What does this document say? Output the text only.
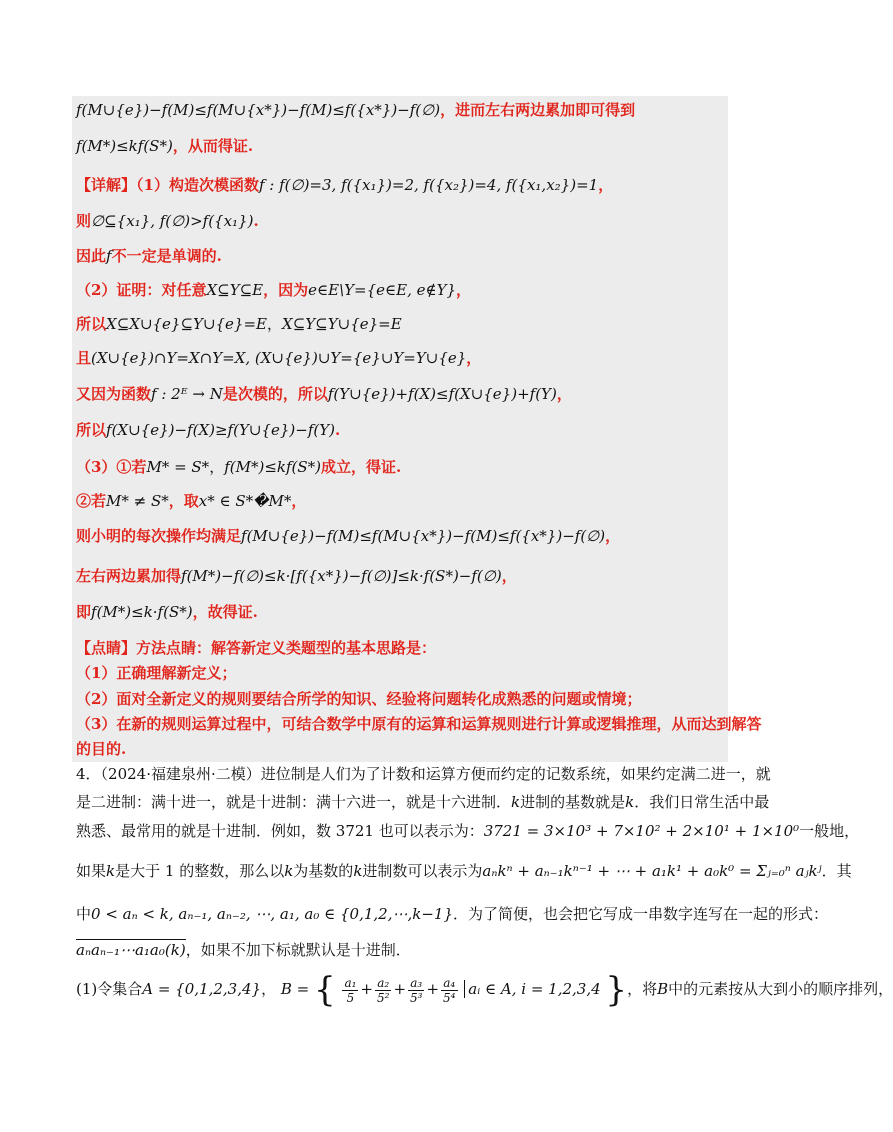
f(M∪{e})−f(M)≤f(M∪{x*})−f(M)≤f({x*})−f(∅)，进而左右两边累加即可得到
f(M*)≤kf(S*)，从而得证.
【详解】（1）构造次模函数f : f(∅)=3, f({x₁})=2, f({x₂})=4, f({x₁,x₂})=1，
则∅⊆{x₁}, f(∅)>f({x₁}).
因此f不一定是单调的.
（2）证明：对任意X⊆Y⊆E，因为e∈E\Y={e∈E, e∉Y}，
所以X⊆X∪{e}⊆Y∪{e}=E，X⊆Y⊆Y∪{e}=E
且(X∪{e})∩Y=X∩Y=X, (X∪{e})∪Y={e}∪Y=Y∪{e}，
又因为函数f : 2ᴱ → N是次模的，所以f(Y∪{e})+f(X)≤f(X∪{e})+f(Y)，
所以f(X∪{e})−f(X)≥f(Y∪{e})−f(Y).
（3）①若M* = S*，f(M*)≤kf(S*)成立，得证.
②若M* ≠ S*，取x* ∈ S*�M*，
则小明的每次操作均满足f(M∪{e})−f(M)≤f(M∪{x*})−f(M)≤f({x*})−f(∅)，
左右两边累加得f(M*)−f(∅)≤k·[f({x*})−f(∅)]≤k·f(S*)−f(∅)，
即f(M*)≤k·f(S*)，故得证.
【点睛】方法点睛：解答新定义类题型的基本思路是：
（1）正确理解新定义；
（2）面对全新定义的规则要结合所学的知识、经验将问题转化成熟悉的问题或情境；
（3）在新的规则运算过程中，可结合数学中原有的运算和运算规则进行计算或逻辑推理，从而达到解答
的目的.
4．（2024·福建泉州·二模）进位制是人们为了计数和运算方便而约定的记数系统，如果约定满二进一，就
是二进制：满十进一，就是十进制：满十六进一，就是十六进制．k进制的基数就是k．我们日常生活中最
熟悉、最常用的就是十进制．例如，数 3721 也可以表示为：3721 = 3×10³ + 7×10² + 2×10¹ + 1×10⁰一般地，
如果k是大于 1 的整数，那么以k为基数的k进制数可以表示为aₙkⁿ + aₙ₋₁kⁿ⁻¹ + ⋯ + a₁k¹ + a₀k⁰ = Σⱼ₌₀ⁿ aⱼkʲ．其
中0 < aₙ < k, aₙ₋₁, aₙ₋₂, ⋯, a₁, a₀ ∈ {0,1,2,⋯,k−1}．为了简便，也会把它写成一串数字连写在一起的形式：
aₙaₙ₋₁⋯a₁a₀(k)，如果不加下标就默认是十进制．
(1)令集合A = {0,1,2,3,4}， B = { $\frac{\text{a₁}}{5} + \frac{\text{a₂}}{\text{5²}} + \frac{\text{a₃}}{\text{5³}} + \frac{\text{a₄}}{\text{5⁴}}$ aᵢ ∈ A, i = 1,2,3,4 }，将B中的元素按从大到小的顺序排列，
